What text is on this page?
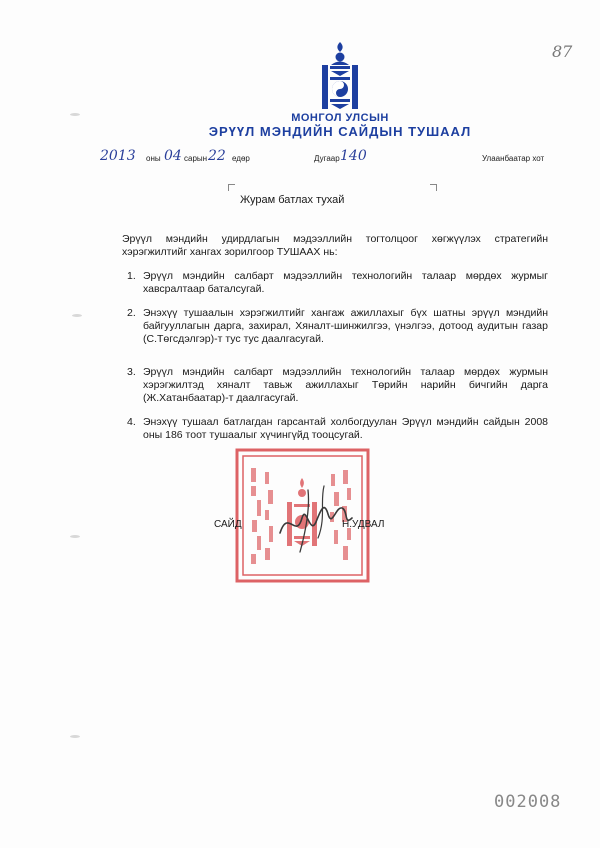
МОНГОЛ УЛСЫН
ЭРҮҮЛ МЭНДИЙН САЙДЫН ТУШААЛ
2013 оны 04 сарын 22 едөр	Дугаар 140	Улаанбаатар хот
Журам батлах тухай
Эрүүл мэндийн удирдлагын мэдээллийн тогтолцоог хөгжүүлэх стратегийн хэрэгжилтийг хангах зорилгоор ТУШААХ нь:
1. Эрүүл мэндийн салбарт мэдээллийн технологийн талаар мөрдөх журмыг хавсралтаар баталсугай.
2. Энэхүү тушаалын хэрэгжилтийг хангаж ажиллахыг бүх шатны эрүүл мэндийн байгууллагын дарга, захирал, Хяналт-шинжилгээ, үнэлгээ, дотоод аудитын газар (С.Төгсдэлгэр)-т тус тус даалгасугай.
3. Эрүүл мэндийн салбарт мэдээллийн технологийн талаар мөрдөх журмын хэрэгжилтэд хяналт тавьж ажиллахыг Төрийн нарийн бичгийн дарга (Ж.Хатанбаатар)-т даалгасугай.
4. Энэхүү тушаал батлагдан гарсантай холбогдуулан Эрүүл мэндийн сайдын 2008 оны 186 тоот тушаалыг хүчингүйд тооцсугай.
САЙД	Н.УДВАЛ
87
002008
